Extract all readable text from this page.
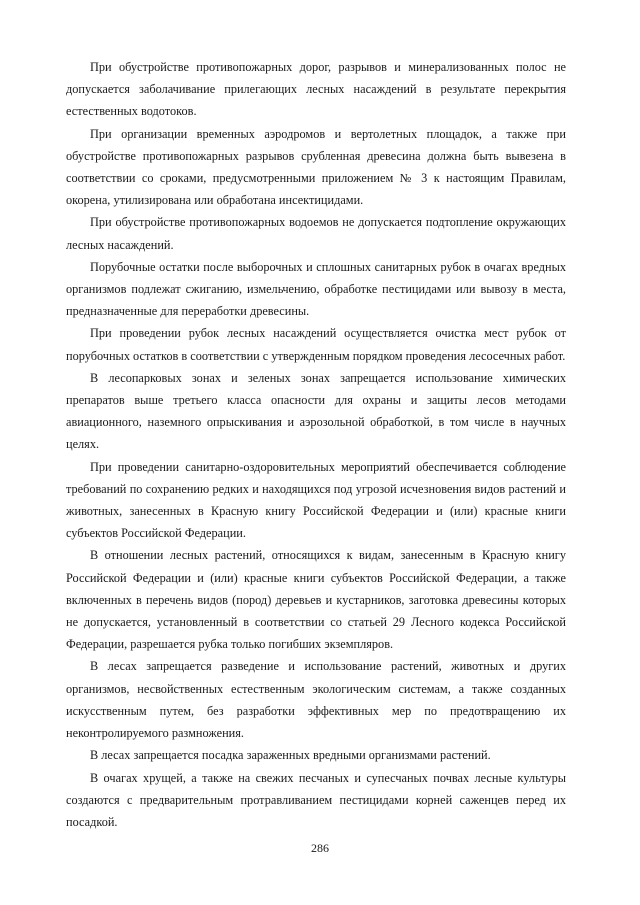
При обустройстве противопожарных дорог, разрывов и минерализованных полос не допускается заболачивание прилегающих лесных насаждений в результате перекрытия естественных водотоков.

При организации временных аэродромов и вертолетных площадок, а также при обустройстве противопожарных разрывов срубленная древесина должна быть вывезена в соответствии со сроками, предусмотренными приложением № 3 к настоящим Правилам, окорена, утилизирована или обработана инсектицидами.

При обустройстве противопожарных водоемов не допускается подтопление окружающих лесных насаждений.

Порубочные остатки после выборочных и сплошных санитарных рубок в очагах вредных организмов подлежат сжиганию, измельчению, обработке пестицидами или вывозу в места, предназначенные для переработки древесины.

При проведении рубок лесных насаждений осуществляется очистка мест рубок от порубочных остатков в соответствии с утвержденным порядком проведения лесосечных работ.

В лесопарковых зонах и зеленых зонах запрещается использование химических препаратов выше третьего класса опасности для охраны и защиты лесов методами авиационного, наземного опрыскивания и аэрозольной обработкой, в том числе в научных целях.

При проведении санитарно-оздоровительных мероприятий обеспечивается соблюдение требований по сохранению редких и находящихся под угрозой исчезновения видов растений и животных, занесенных в Красную книгу Российской Федерации и (или) красные книги субъектов Российской Федерации.

В отношении лесных растений, относящихся к видам, занесенным в Красную книгу Российской Федерации и (или) красные книги субъектов Российской Федерации, а также включенных в перечень видов (пород) деревьев и кустарников, заготовка древесины которых не допускается, установленный в соответствии со статьей 29 Лесного кодекса Российской Федерации, разрешается рубка только погибших экземпляров.

В лесах запрещается разведение и использование растений, животных и других организмов, несвойственных естественным экологическим системам, а также созданных искусственным путем, без разработки эффективных мер по предотвращению их неконтролируемого размножения.

В лесах запрещается посадка зараженных вредными организмами растений.

В очагах хрущей, а также на свежих песчаных и супесчаных почвах лесные культуры создаются с предварительным протравливанием пестицидами корней саженцев перед их посадкой.

286
